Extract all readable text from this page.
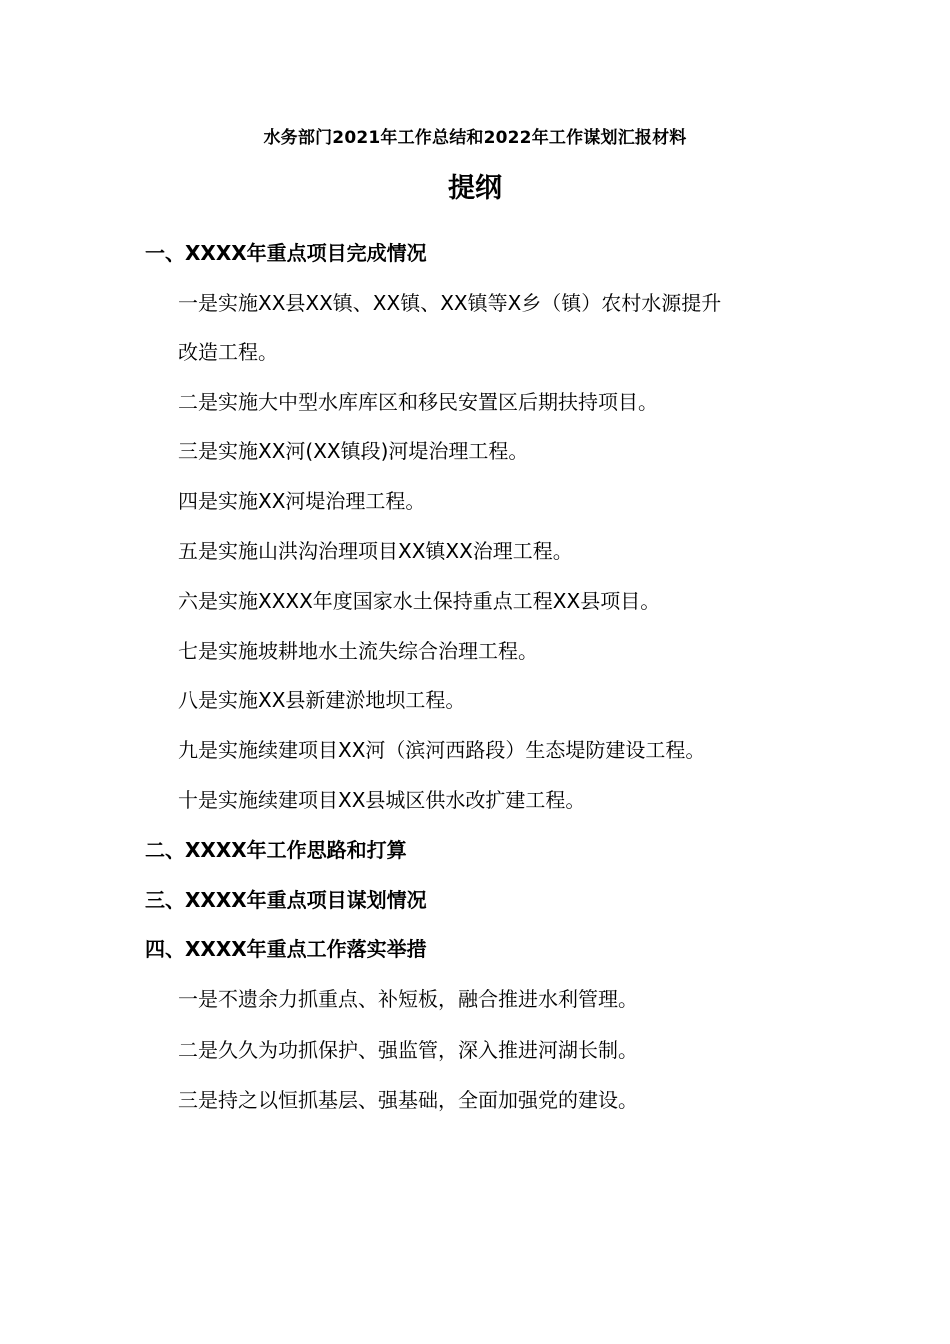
水务部门2021年工作总结和2022年工作谋划汇报材料
提纲
一、XXXX年重点项目完成情况
一是实施XX县XX镇、XX镇、XX镇等X乡（镇）农村水源提升
改造工程。
二是实施大中型水库库区和移民安置区后期扶持项目。
三是实施XX河(XX镇段)河堤治理工程。
四是实施XX河堤治理工程。
五是实施山洪沟治理项目XX镇XX治理工程。
六是实施XXXX年度国家水土保持重点工程XX县项目。
七是实施坡耕地水土流失综合治理工程。
八是实施XX县新建淤地坝工程。
九是实施续建项目XX河（滨河西路段）生态堤防建设工程。
十是实施续建项目XX县城区供水改扩建工程。
二、XXXX年工作思路和打算
三、XXXX年重点项目谋划情况
四、XXXX年重点工作落实举措
一是不遗余力抓重点、补短板，融合推进水利管理。
二是久久为功抓保护、强监管，深入推进河湖长制。
三是持之以恒抓基层、强基础，全面加强党的建设。
